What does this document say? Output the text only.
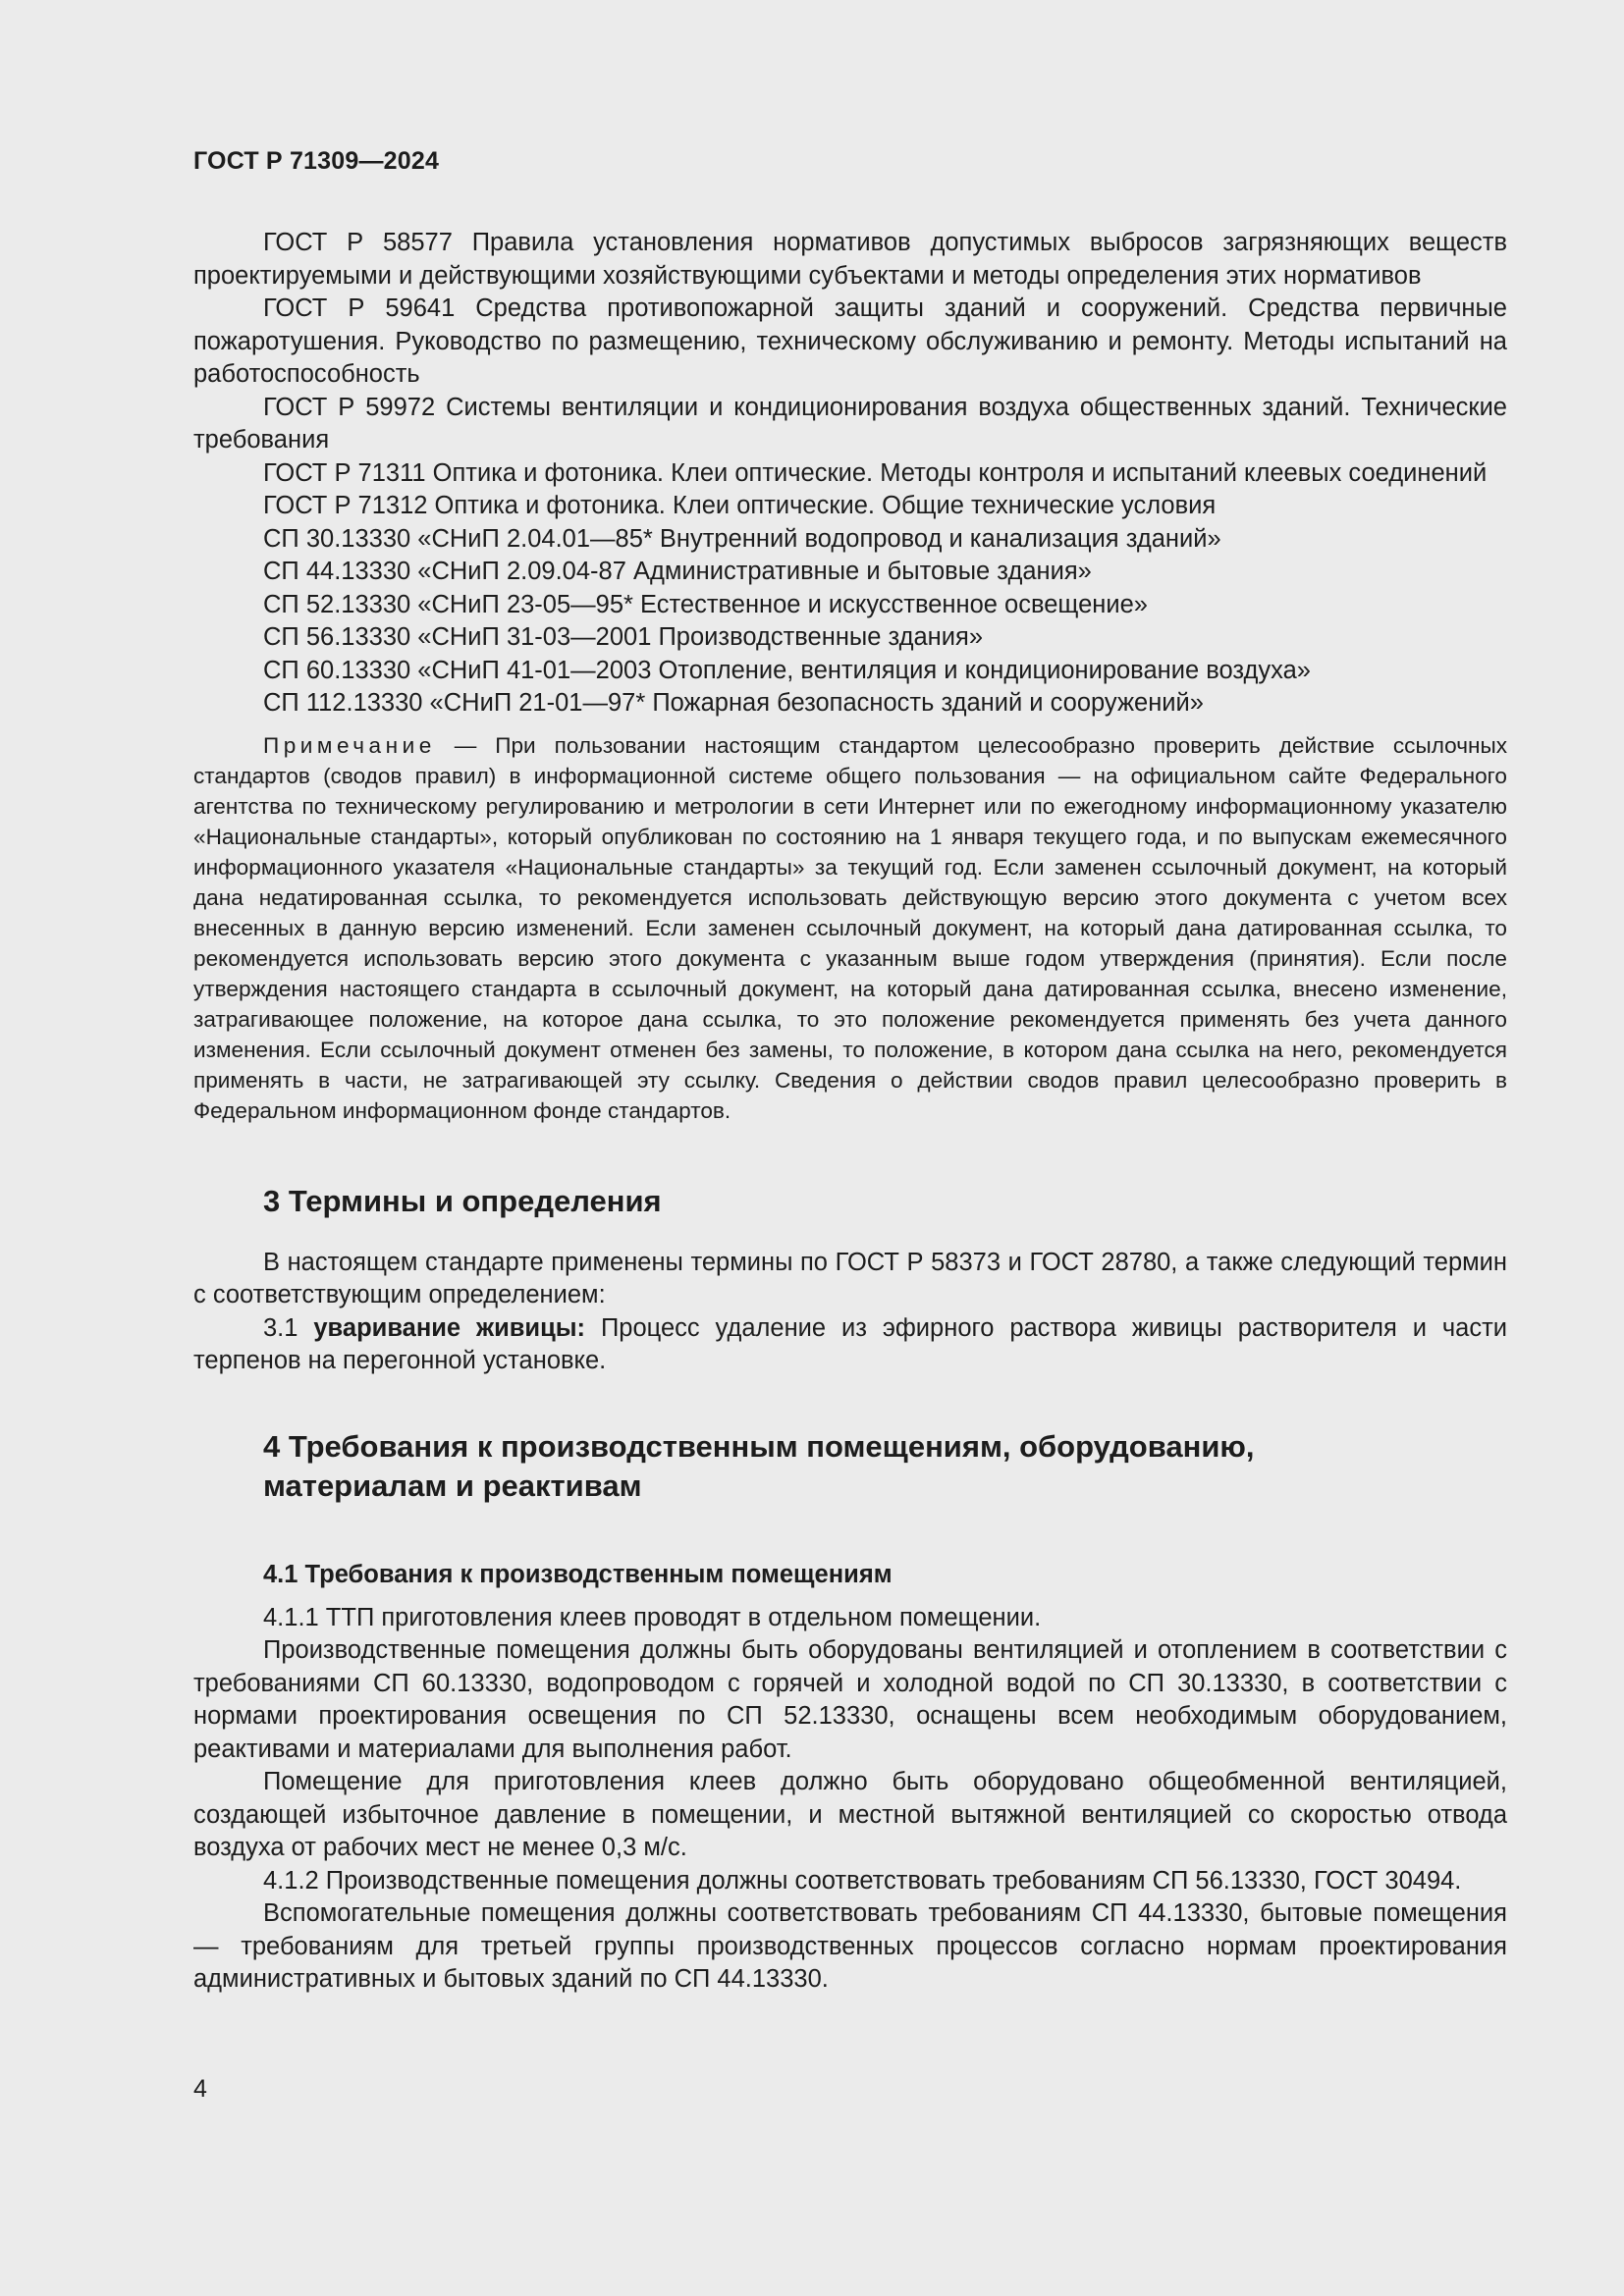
ГОСТ Р 71309—2024

ГОСТ Р 58577 Правила установления нормативов допустимых выбросов загрязняющих веществ проектируемыми и действующими хозяйствующими субъектами и методы определения этих нормативов

ГОСТ Р 59641 Средства противопожарной защиты зданий и сооружений. Средства первичные пожаротушения. Руководство по размещению, техническому обслуживанию и ремонту. Методы испытаний на работоспособность

ГОСТ Р 59972 Системы вентиляции и кондиционирования воздуха общественных зданий. Технические требования

ГОСТ Р 71311 Оптика и фотоника. Клеи оптические. Методы контроля и испытаний клеевых соединений

ГОСТ Р 71312 Оптика и фотоника. Клеи оптические. Общие технические условия

СП 30.13330 «СНиП 2.04.01—85* Внутренний водопровод и канализация зданий»

СП 44.13330 «СНиП 2.09.04-87 Административные и бытовые здания»

СП 52.13330 «СНиП 23-05—95* Естественное и искусственное освещение»

СП 56.13330 «СНиП 31-03—2001 Производственные здания»

СП 60.13330 «СНиП 41-01—2003 Отопление, вентиляция и кондиционирование воздуха»

СП 112.13330 «СНиП 21-01—97* Пожарная безопасность зданий и сооружений»

Примечание — При пользовании настоящим стандартом целесообразно проверить действие ссылочных стандартов (сводов правил) в информационной системе общего пользования — на официальном сайте Федерального агентства по техническому регулированию и метрологии в сети Интернет или по ежегодному информационному указателю «Национальные стандарты», который опубликован по состоянию на 1 января текущего года, и по выпускам ежемесячного информационного указателя «Национальные стандарты» за текущий год. Если заменен ссылочный документ, на который дана недатированная ссылка, то рекомендуется использовать действующую версию этого документа с учетом всех внесенных в данную версию изменений. Если заменен ссылочный документ, на который дана датированная ссылка, то рекомендуется использовать версию этого документа с указанным выше годом утверждения (принятия). Если после утверждения настоящего стандарта в ссылочный документ, на который дана датированная ссылка, внесено изменение, затрагивающее положение, на которое дана ссылка, то это положение рекомендуется применять без учета данного изменения. Если ссылочный документ отменен без замены, то положение, в котором дана ссылка на него, рекомендуется применять в части, не затрагивающей эту ссылку. Сведения о действии сводов правил целесообразно проверить в Федеральном информационном фонде стандартов.

3 Термины и определения

В настоящем стандарте применены термины по ГОСТ Р 58373 и ГОСТ 28780, а также следующий термин с соответствующим определением:

3.1 уваривание живицы: Процесс удаление из эфирного раствора живицы растворителя и части терпенов на перегонной установке.

4 Требования к производственным помещениям, оборудованию,
материалам и реактивам
4.1 Требования к производственным помещениям

4.1.1 ТТП приготовления клеев проводят в отдельном помещении.

Производственные помещения должны быть оборудованы вентиляцией и отоплением в соответствии с требованиями СП 60.13330, водопроводом с горячей и холодной водой по СП 30.13330, в соответствии с нормами проектирования освещения по СП 52.13330, оснащены всем необходимым оборудованием, реактивами и материалами для выполнения работ.

Помещение для приготовления клеев должно быть оборудовано общеобменной вентиляцией, создающей избыточное давление в помещении, и местной вытяжной вентиляцией со скоростью отвода воздуха от рабочих мест не менее 0,3 м/с.

4.1.2 Производственные помещения должны соответствовать требованиям СП 56.13330, ГОСТ 30494.

Вспомогательные помещения должны соответствовать требованиям СП 44.13330, бытовые помещения — требованиям для третьей группы производственных процессов согласно нормам проектирования административных и бытовых зданий по СП 44.13330.

4
